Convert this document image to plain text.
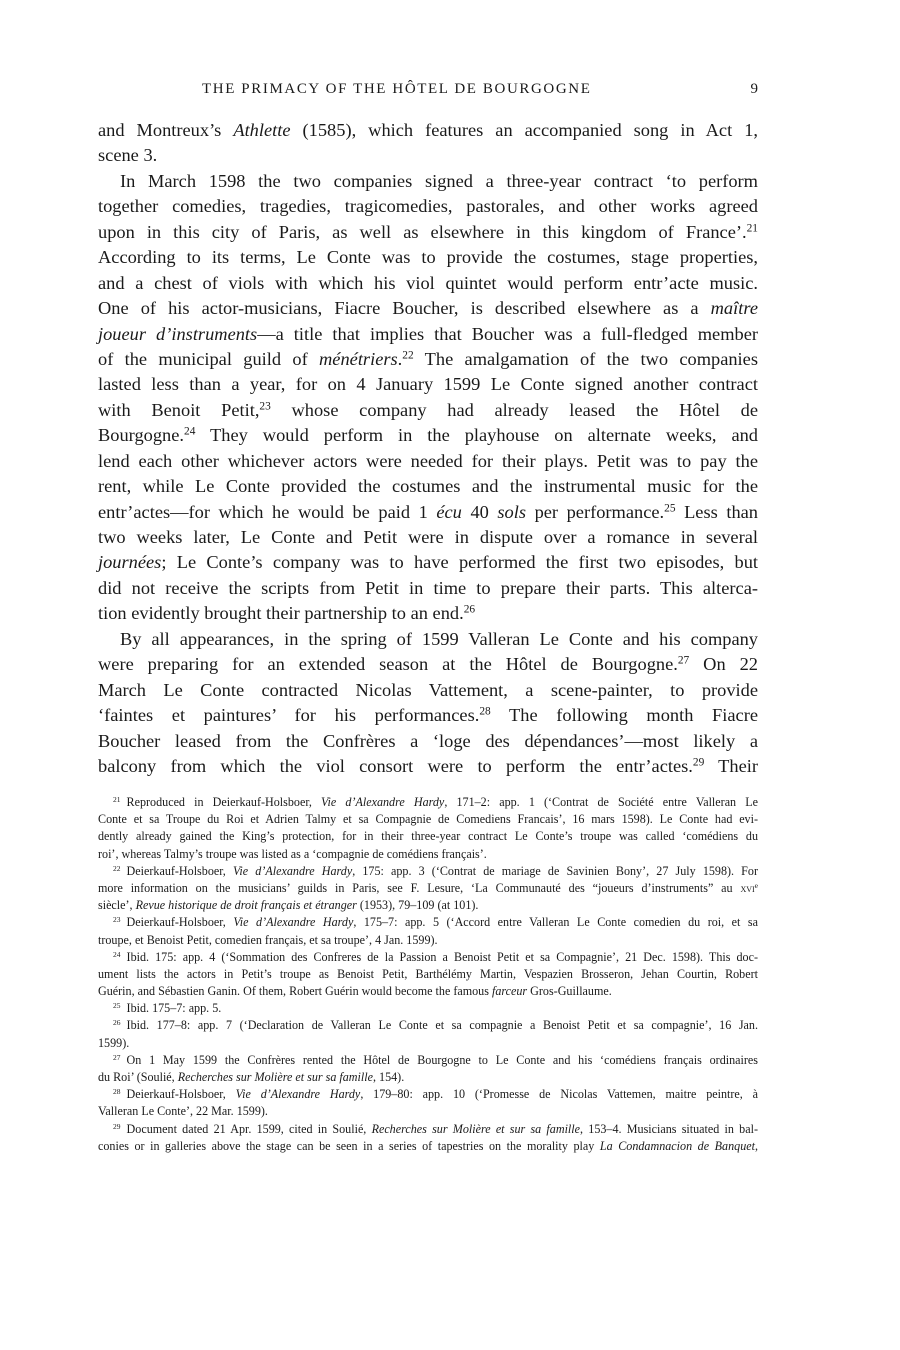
THE PRIMACY OF THE HÔTEL DE BOURGOGNE	9
and Montreux’s Athlette (1585), which features an accompanied song in Act 1,
scene 3.
In March 1598 the two companies signed a three-year contract ‘to perform
together comedies, tragedies, tragicomedies, pastorales, and other works agreed
upon in this city of Paris, as well as elsewhere in this kingdom of France’.$^{21}$
According to its terms, Le Conte was to provide the costumes, stage properties,
and a chest of viols with which his viol quintet would perform entr’acte music.
One of his actor-musicians, Fiacre Boucher, is described elsewhere as a maître
joueur d’instruments—a title that implies that Boucher was a full-fledged member
of the municipal guild of ménétriers.$^{22}$ The amalgamation of the two companies
lasted less than a year, for on 4 January 1599 Le Conte signed another contract
with Benoit Petit,$^{23}$ whose company had already leased the Hôtel de
Bourgogne.$^{24}$ They would perform in the playhouse on alternate weeks, and
lend each other whichever actors were needed for their plays. Petit was to pay the
rent, while Le Conte provided the costumes and the instrumental music for the
entr’actes—for which he would be paid 1 écu 40 sols per performance.$^{25}$ Less than
two weeks later, Le Conte and Petit were in dispute over a romance in several
journées; Le Conte’s company was to have performed the first two episodes, but
did not receive the scripts from Petit in time to prepare their parts. This alterca-
tion evidently brought their partnership to an end.$^{26}$
By all appearances, in the spring of 1599 Valleran Le Conte and his company
were preparing for an extended season at the Hôtel de Bourgogne.$^{27}$ On 22
March Le Conte contracted Nicolas Vattement, a scene-painter, to provide
‘faintes et paintures’ for his performances.$^{28}$ The following month Fiacre
Boucher leased from the Confrères a ‘loge des dépendances’—most likely a
balcony from which the viol consort were to perform the entr’actes.$^{29}$ Their
$^{21}$  Reproduced in Deierkauf-Holsboer, Vie d’Alexandre Hardy, 171–2: app. 1 (‘Contrat de Société entre Valleran Le
Conte et sa Troupe du Roi et Adrien Talmy et sa Compagnie de Comediens Francais’, 16 mars 1598). Le Conte had evi-
dently already gained the King’s protection, for in their three-year contract Le Conte’s troupe was called ‘comédiens du
roi’, whereas Talmy’s troupe was listed as a ‘compagnie de comédiens français’.
$^{22}$  Deierkauf-Holsboer, Vie d’Alexandre Hardy, 175: app. 3 (‘Contrat de mariage de Savinien Bony’, 27 July 1598). For
more information on the musicians’ guilds in Paris, see F. Lesure, ‘La Communauté des “joueurs d’instruments” au xvi$^e$
siècle’, Revue historique de droit français et étranger (1953), 79–109 (at 101).
$^{23}$  Deierkauf-Holsboer, Vie d’Alexandre Hardy, 175–7: app. 5 (‘Accord entre Valleran Le Conte comedien du roi, et sa
troupe, et Benoist Petit, comedien français, et sa troupe’, 4 Jan. 1599).
$^{24}$  Ibid. 175: app. 4 (‘Sommation des Confreres de la Passion a Benoist Petit et sa Compagnie’, 21 Dec. 1598). This doc-
ument lists the actors in Petit’s troupe as Benoist Petit, Barthélémy Martin, Vespazien Brosseron, Jehan Courtin, Robert
Guérin, and Sébastien Ganin. Of them, Robert Guérin would become the famous farceur Gros-Guillaume.
$^{25}$  Ibid. 175–7: app. 5.
$^{26}$  Ibid. 177–8: app. 7 (‘Declaration de Valleran Le Conte et sa compagnie a Benoist Petit et sa compagnie’, 16 Jan.
1599).
$^{27}$  On 1 May 1599 the Confrères rented the Hôtel de Bourgogne to Le Conte and his ‘comédiens français ordinaires
du Roi’ (Soulié, Recherches sur Molière et sur sa famille, 154).
$^{28}$  Deierkauf-Holsboer, Vie d’Alexandre Hardy, 179–80: app. 10 (‘Promesse de Nicolas Vattemen, maitre peintre, à
Valleran Le Conte’, 22 Mar. 1599).
$^{29}$  Document dated 21 Apr. 1599, cited in Soulié, Recherches sur Molière et sur sa famille, 153–4. Musicians situated in bal-
conies or in galleries above the stage can be seen in a series of tapestries on the morality play La Condamnacion de Banquet,
